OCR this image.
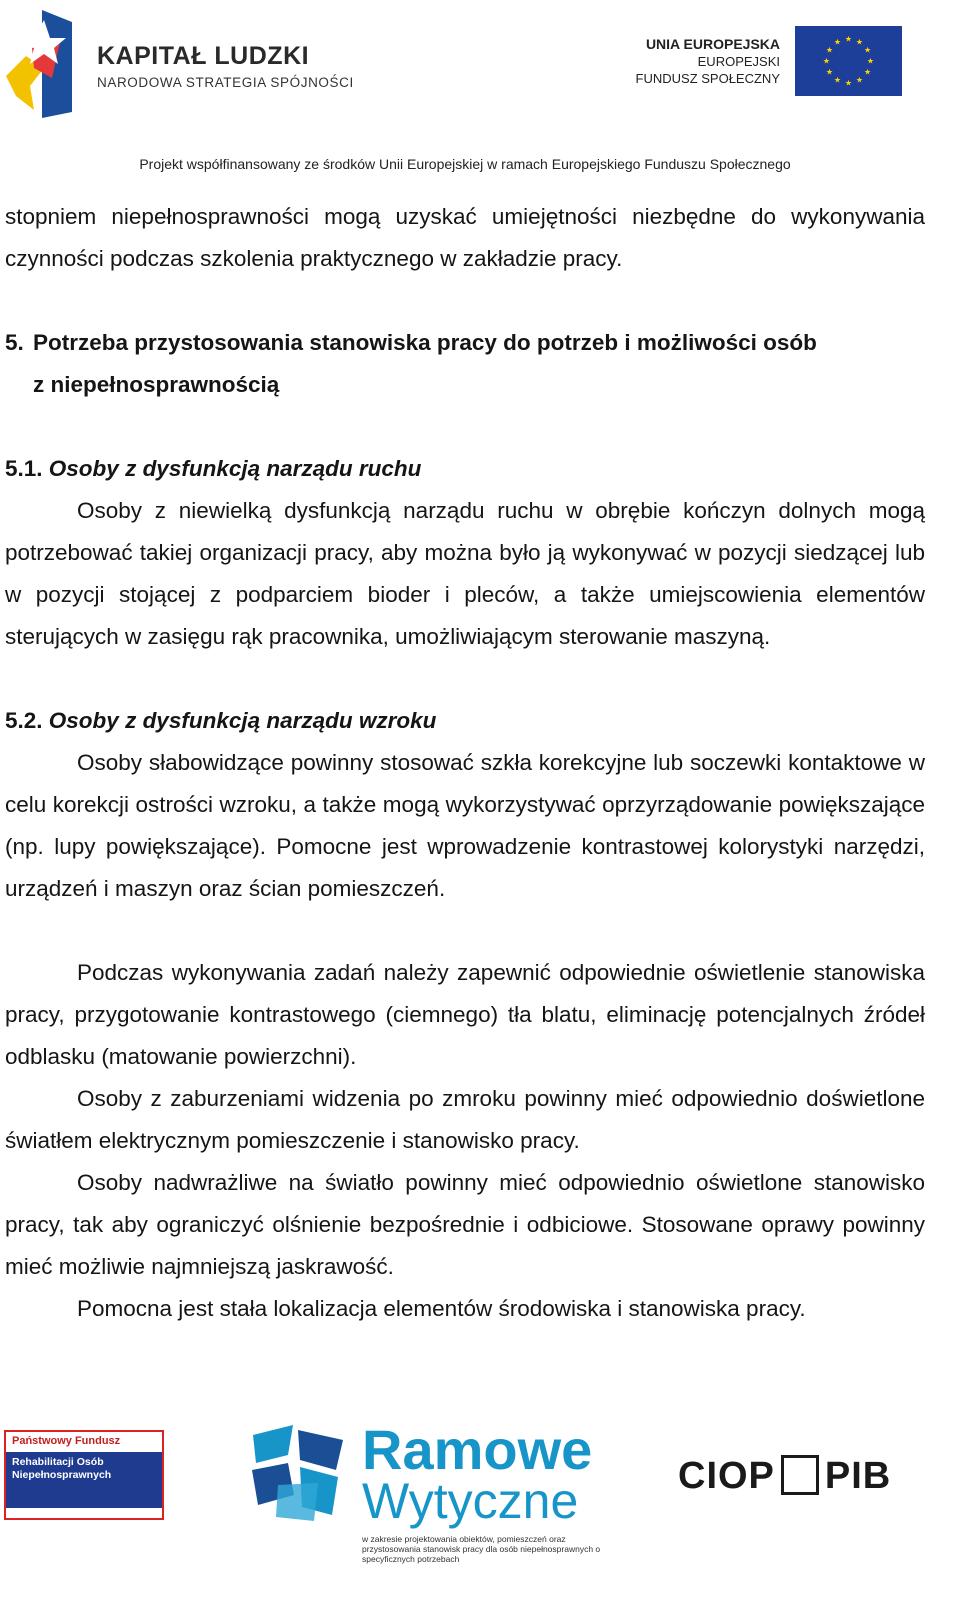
KAPITAŁ LUDZKI
NARODOWA STRATEGIA SPÓJNOŚCI
UNIA EUROPEJSKA
EUROPEJSKI
FUNDUSZ SPOŁECZNY
★ ★
★
★
★
★
★
★
★
★
★
★
Projekt współfinansowany ze środków Unii Europejskiej w ramach Europejskiego Funduszu Społecznego
stopniem niepełnosprawności mogą uzyskać umiejętności niezbędne do wykonywania czynności podczas szkolenia praktycznego w zakładzie pracy.
5. Potrzeba przystosowania stanowiska pracy do potrzeb i możliwości osób
z niepełnosprawnością
5.1. Osoby z dysfunkcją narządu ruchu
Osoby z niewielką dysfunkcją narządu ruchu w obrębie kończyn dolnych mogą potrzebować takiej organizacji pracy, aby można było ją wykonywać w pozycji siedzącej lub w pozycji stojącej z podparciem bioder i pleców, a także umiejscowienia elementów sterujących w zasięgu rąk pracownika, umożliwiającym sterowanie maszyną.
5.2. Osoby z dysfunkcją narządu wzroku
Osoby słabowidzące powinny stosować szkła korekcyjne lub soczewki kontaktowe w celu korekcji ostrości wzroku, a także mogą wykorzystywać oprzyrządowanie powiększające (np. lupy powiększające). Pomocne jest wprowadzenie kontrastowej kolorystyki narzędzi, urządzeń i maszyn oraz ścian pomieszczeń.
Podczas wykonywania zadań należy zapewnić odpowiednie oświetlenie stanowiska pracy, przygotowanie kontrastowego (ciemnego) tła blatu, eliminację potencjalnych źródeł odblasku (matowanie powierzchni).
Osoby z zaburzeniami widzenia po zmroku powinny mieć odpowiednio doświetlone światłem elektrycznym pomieszczenie i stanowisko pracy.
Osoby nadwrażliwe na światło powinny mieć odpowiednio oświetlone stanowisko pracy, tak aby ograniczyć olśnienie bezpośrednie i odbiciowe. Stosowane oprawy powinny mieć możliwie najmniejszą jaskrawość.
Pomocna jest stała lokalizacja elementów środowiska i stanowiska pracy.
Państwowy Fundusz
Rehabilitacji Osób
Niepełnosprawnych	Ramowe
Wytyczne
w zakresie projektowania obiektów, pomieszczeń oraz przystosowania stanowisk pracy dla osób niepełnosprawnych o specyficznych potrzebach
CIOP PIB
